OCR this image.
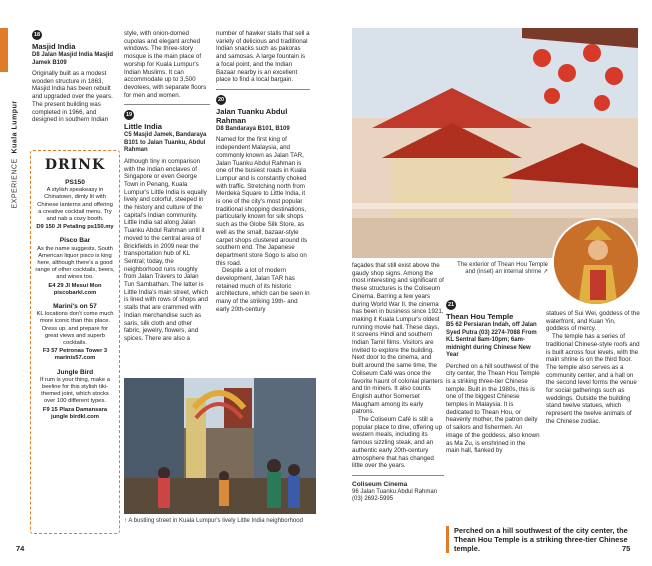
EXPERIENCE  Kuala Lumpur
18
Masjid India
D8 Jalan Masjid India Masjid Jamek B109

Originally built as a modest wooden structure in 1863, Masjid India has been rebuilt and upgraded over the years. The present building was completed in 1966, and designed in southern Indian

DRINK
PS150
A stylish speakeasy in Chinatown, dimly lit with Chinese lanterns and offering a creative cocktail menu. Try and nab a cozy booth.
D9 150 Jl Petaling ps150.my
Pisco Bar
As the name suggests, South American liquor pisco is king here, although there's a good range of other cocktails, beers, and wines too.
E4 29 Jl Mesui Mon piscobarkl.com
Marini's on 57
KL locations don't come much more iconic than this place. Dress up, and prepare for great views and superb cocktails.
F3 57 Petronas Tower 3 marinis57.com
Jungle Bird
If rum is your thing, make a beeline for this stylish tiki-themed joint, which stocks over 100 different types.
F9 15 Plaza Damansara jungle birdkl.com

style, with onion-domed cupolas and elegant arched windows. The three-story mosque is the main place of worship for Kuala Lumpur's Indian Muslims. It can accommodate up to 3,500 devotees, with separate floors for men and women.

19
Little India
C5 Masjid Jamek, Bandaraya B101 to Jalan Tuanku, Abdul Rahman

Although tiny in comparison with the Indian enclaves of Singapore or even George Town in Penang, Kuala Lumpur's Little India is equally lively and colorful, steeped in the history and culture of the capital's Indian community. Little India sat along Jalan Tuanku Abdul Rahman until it moved to the central area of Brickfields in 2009 near the transportation hub of KL Sentral; today, the neighborhood runs roughly from Jalan Travers to Jalan Tun Sambathan. The latter is Little India's main street, which is lined with rows of shops and stalls that are crammed with Indian merchandise such as saris, silk cloth and other fabric, jewelry, flowers, and spices. There are also a

number of hawker stalls that sell a variety of delicious and traditional Indian snacks such as pakoras and samosas. A large fountain is a focal point, and the Indian Bazaar nearby is an excellent place to find a local bargain.

20
Jalan Tuanku Abdul Rahman
D8 Bandaraya B101, B109

Named for the first king of independent Malaysia, and commonly known as Jalan TAR, Jalan Tuanku Abdul Rahman is one of the busiest roads in Kuala Lumpur and is constantly choked with traffic. Stretching north from Merdeka Square to Little India, it is one of the city's most popular traditional shopping destinations, particularly known for silk shops such as the Globe Silk Store, as well as the small, bazaar-style carpet shops clustered around its southern end. The Japanese department store Sogo is also on this road.

Despite a lot of modern development, Jalan TAR has retained much of its historic architecture, which can be seen in many of the striking 19th- and early 20th-century

↑ A bustling street in Kuala Lumpur's lively Little India neighborhood

façades that still exist above the gaudy shop signs. Among the most interesting and significant of these structures is the Coliseum Cinema. Barring a few years during World War II, the cinema has been in business since 1921, making it Kuala Lumpur's oldest running movie hall. These days, it screens Hindi and southern Indian Tamil films. Visitors are invited to explore the building. Next door to the cinema, and built around the same time, the Coliseum Café was once the favorite haunt of colonial planters and tin miners. It also counts English author Somerset Maugham among its early patrons.

The Coliseum Café is still a popular place to dine, offering up western meals, including its famous sizzling steak, and an authentic early 20th-century atmosphere that has changed little over the years.

Coliseum Cinema
96 Jalan Tuanku Abdul Rahman (03) 2692-5995
The exterior of Thean Hou Temple and (inset) an internal shrine ↗
21
Thean Hou Temple
B5 62 Persiaran Indah, off Jalan Syed Putra (03) 2274-7088 From KL Sentral 8am-10pm; 6am-midnight during Chinese New Year

Perched on a hill southwest of the city center, the Thean Hou Temple is a striking three-tier Chinese temple. Built in the 1980s, this is one of the biggest Chinese temples in Malaysia. It is dedicated to Thean Hou, or heavenly mother, the patron deity of sailors and fishermen. An image of the goddess, also known as Ma Zu, is enshrined in the main hall, flanked by

statues of Sui Wei, goddess of the waterfront, and Kuan Yin, goddess of mercy.

The temple has a series of traditional Chinese-style roofs and is built across four levels, with the main shrine is on the third floor. The temple also serves as a community center, and a hall on the second level forms the venue for social gatherings such as weddings. Outside the building stand twelve statues, which represent the twelve animals of the Chinese zodiac.

Perched on a hill southwest of the city center, the Thean Hou Temple is a striking three-tier Chinese temple.
74	75
